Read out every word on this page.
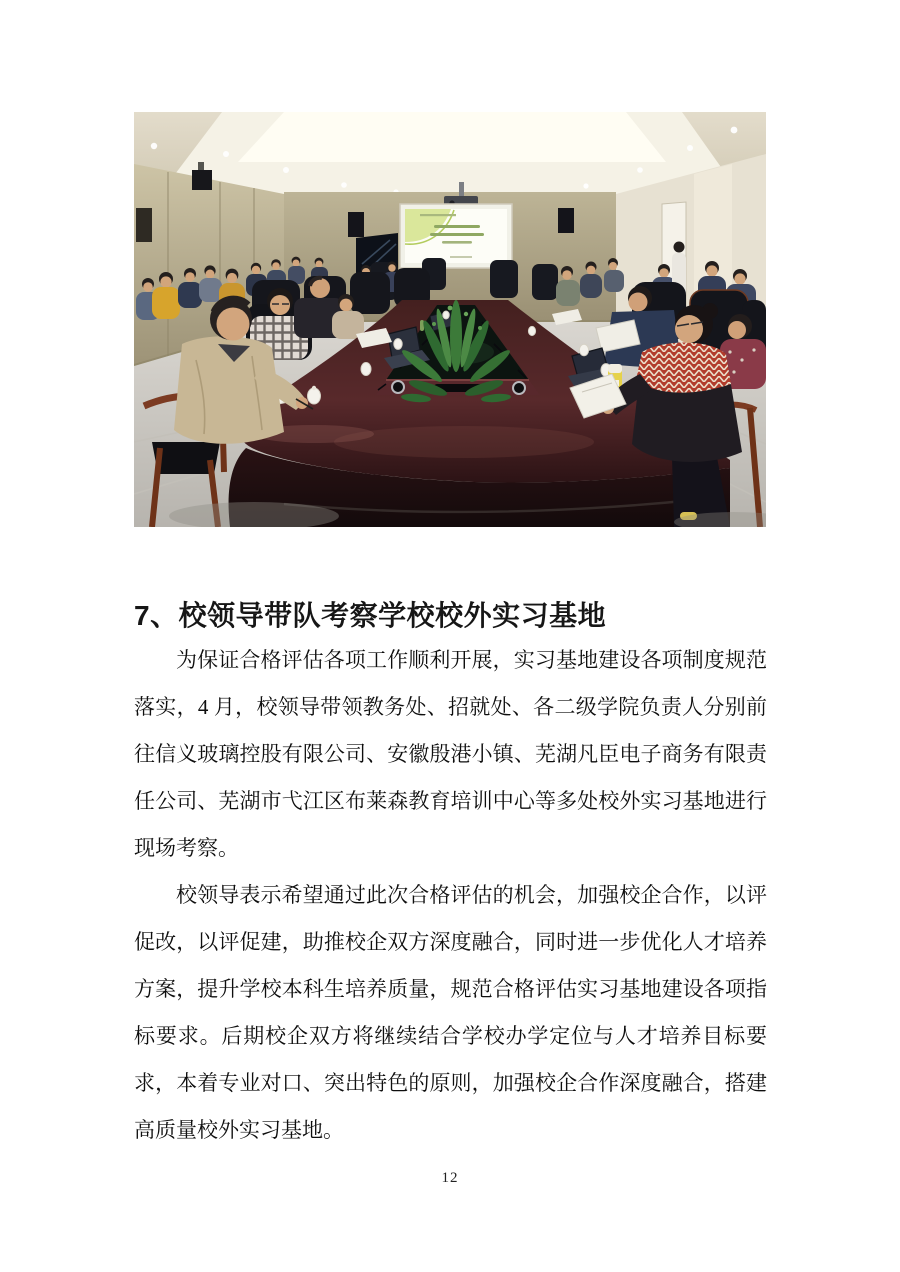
7、校领导带队考察学校校外实习基地

为保证合格评估各项工作顺利开展，实习基地建设各项制度规范落实，4 月，校领导带领教务处、招就处、各二级学院负责人分别前往信义玻璃控股有限公司、安徽殷港小镇、芜湖凡臣电子商务有限责任公司、芜湖市弋江区布莱森教育培训中心等多处校外实习基地进行现场考察。

校领导表示希望通过此次合格评估的机会，加强校企合作，以评促改，以评促建，助推校企双方深度融合，同时进一步优化人才培养方案，提升学校本科生培养质量，规范合格评估实习基地建设各项指标要求。后期校企双方将继续结合学校办学定位与人才培养目标要求，本着专业对口、突出特色的原则，加强校企合作深度融合，搭建高质量校外实习基地。

12
